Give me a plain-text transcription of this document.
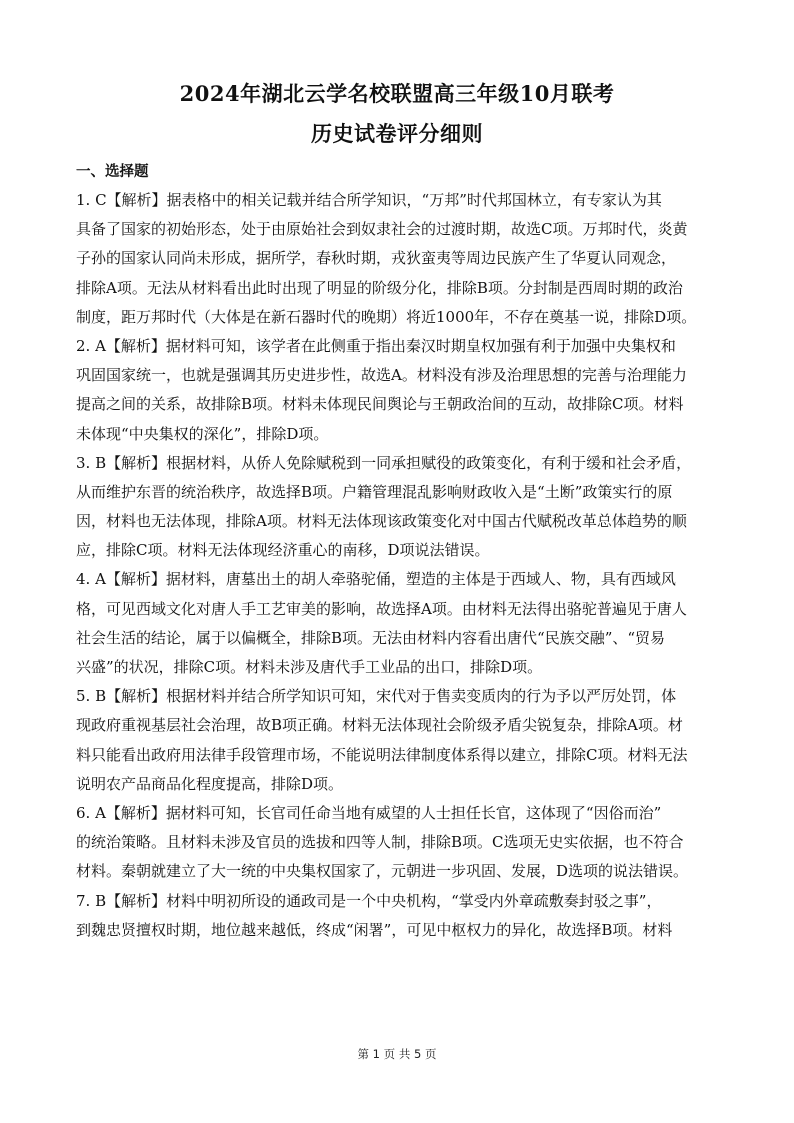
2024年湖北云学名校联盟高三年级10月联考
历史试卷评分细则
一、选择题
1. C【解析】据表格中的相关记载并结合所学知识，“万邦”时代邦国林立，有专家认为其
具备了国家的初始形态，处于由原始社会到奴隶社会的过渡时期，故选C项。万邦时代，炎黄
子孙的国家认同尚未形成，据所学，春秋时期，戎狄蛮夷等周边民族产生了华夏认同观念，
排除A项。无法从材料看出此时出现了明显的阶级分化，排除B项。分封制是西周时期的政治
制度，距万邦时代（大体是在新石器时代的晚期）将近1000年，不存在奠基一说，排除D项。
2. A【解析】据材料可知，该学者在此侧重于指出秦汉时期皇权加强有利于加强中央集权和
巩固国家统一，也就是强调其历史进步性，故选A。材料没有涉及治理思想的完善与治理能力
提高之间的关系，故排除B项。材料未体现民间舆论与王朝政治间的互动，故排除C项。材料
未体现“中央集权的深化”，排除D项。
3. B【解析】根据材料，从侨人免除赋税到一同承担赋役的政策变化，有利于缓和社会矛盾，
从而维护东晋的统治秩序，故选择B项。户籍管理混乱影响财政收入是“土断”政策实行的原
因，材料也无法体现，排除A项。材料无法体现该政策变化对中国古代赋税改革总体趋势的顺
应，排除C项。材料无法体现经济重心的南移，D项说法错误。
4. A【解析】据材料，唐墓出土的胡人牵骆驼俑，塑造的主体是于西域人、物，具有西域风
格，可见西域文化对唐人手工艺审美的影响，故选择A项。由材料无法得出骆驼普遍见于唐人
社会生活的结论，属于以偏概全，排除B项。无法由材料内容看出唐代“民族交融”、“贸易
兴盛”的状况，排除C项。材料未涉及唐代手工业品的出口，排除D项。
5. B【解析】根据材料并结合所学知识可知，宋代对于售卖变质肉的行为予以严厉处罚，体
现政府重视基层社会治理，故B项正确。材料无法体现社会阶级矛盾尖锐复杂，排除A项。材
料只能看出政府用法律手段管理市场，不能说明法律制度体系得以建立，排除C项。材料无法
说明农产品商品化程度提高，排除D项。
6. A【解析】据材料可知，长官司任命当地有威望的人士担任长官，这体现了“因俗而治”
的统治策略。且材料未涉及官员的选拔和四等人制，排除B项。C选项无史实依据，也不符合
材料。秦朝就建立了大一统的中央集权国家了，元朝进一步巩固、发展，D选项的说法错误。
7. B【解析】材料中明初所设的通政司是一个中央机构，“掌受内外章疏敷奏封驳之事”，
到魏忠贤擅权时期，地位越来越低，终成“闲署”，可见中枢权力的异化，故选择B项。材料
第 1 页 共 5 页
